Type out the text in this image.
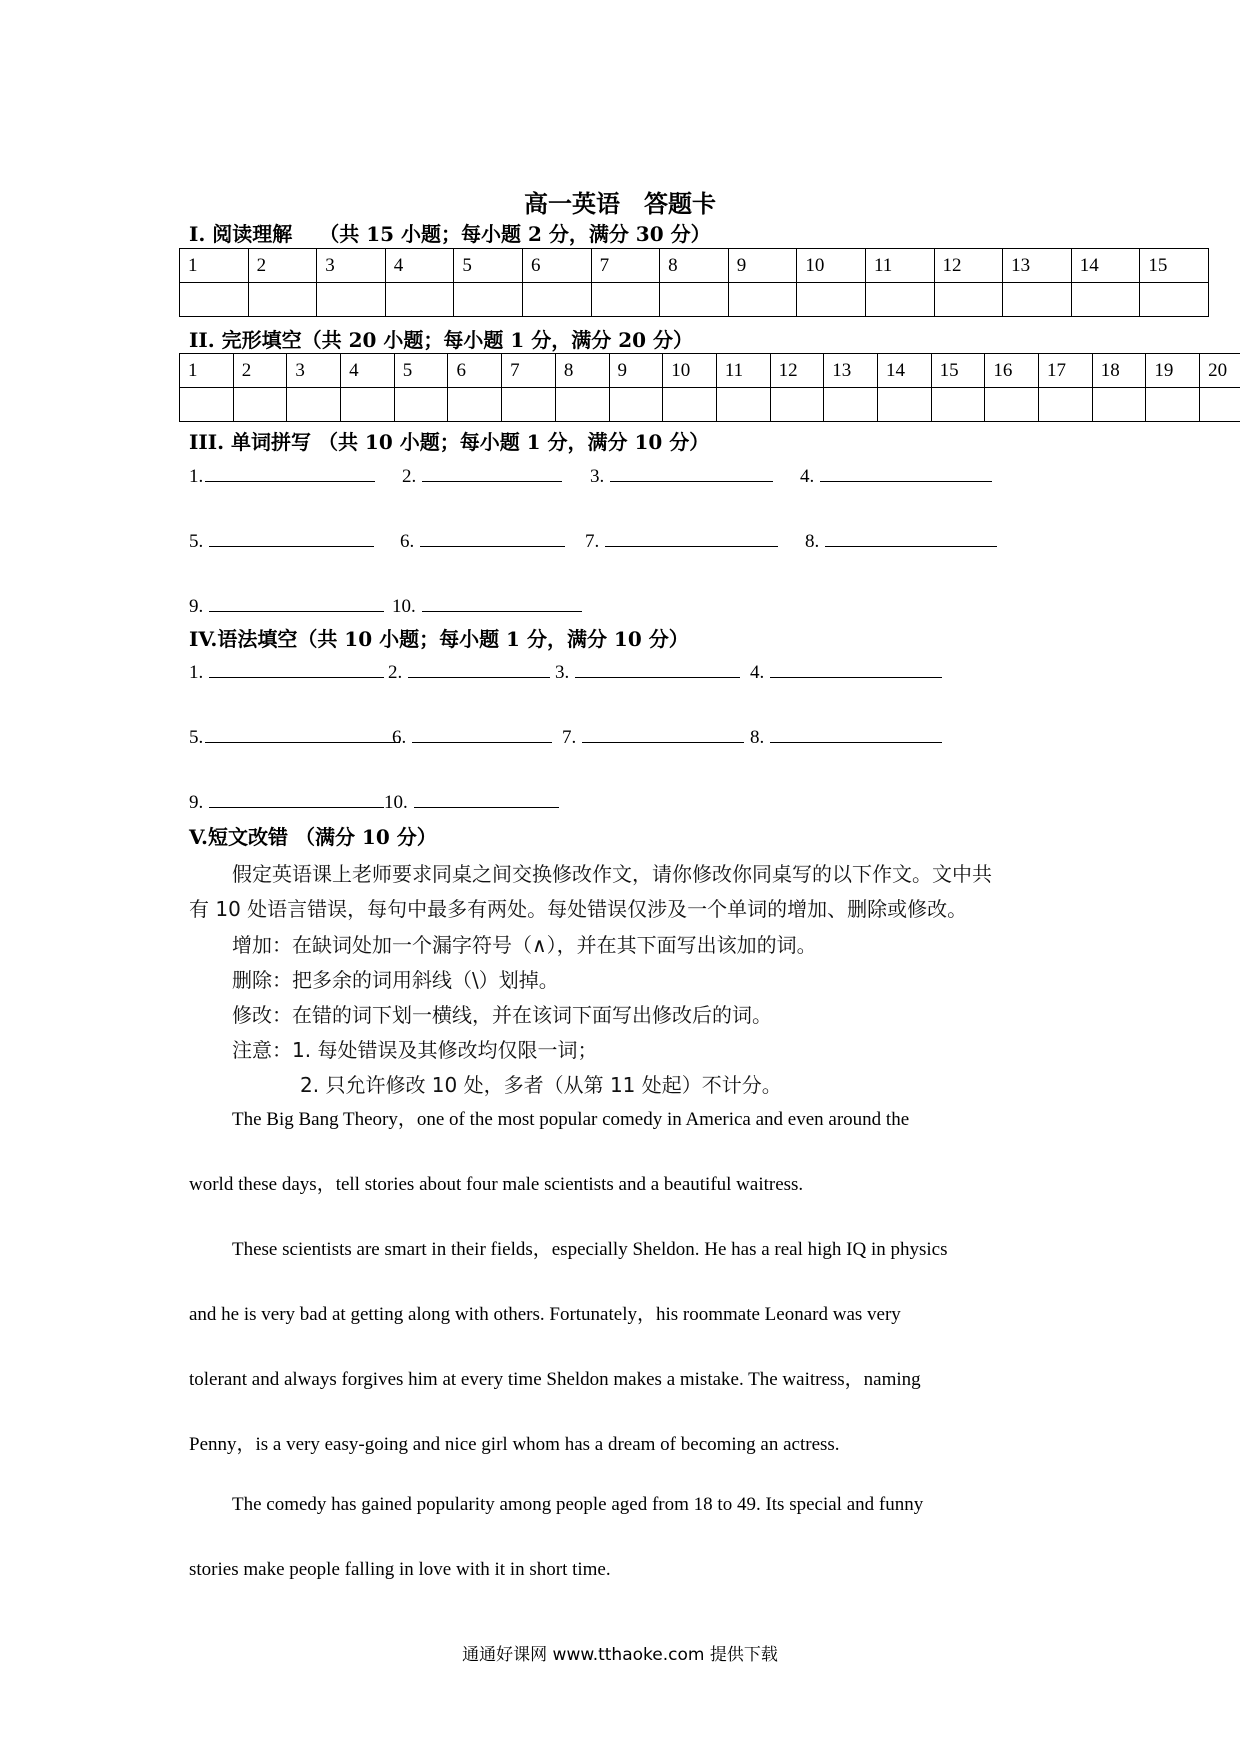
高一英语　答题卡
I. 阅读理解　 （共 15 小题；每小题 2 分，满分 30 分）
1	2	3	4	5	6	7	8	9	10	11	12	13	14	15

II. 完形填空（共 20 小题；每小题 1 分，满分 20 分）
1	2	3	4	5	6	7	8	9	10	11	12	13	14	15	16	17	18	19	20

III. 单词拼写 （共 10 小题；每小题 1 分，满分 10 分）
1.	2.	3.	4.
5.	6.	7.	8.
9.	10.
IV.语法填空（共 10 小题；每小题 1 分，满分 10 分）
1.	2.	3.	4.
5.	6.	7.	8.
9.	10.
V.短文改错 （满分 10 分）
假定英语课上老师要求同桌之间交换修改作文，请你修改你同桌写的以下作文。文中共
有 10 处语言错误，每句中最多有两处。每处错误仅涉及一个单词的增加、删除或修改。
增加：在缺词处加一个漏字符号（∧），并在其下面写出该加的词。
删除：把多余的词用斜线（\）划掉。
修改：在错的词下划一横线，并在该词下面写出修改后的词。
注意：1. 每处错误及其修改均仅限一词；
2. 只允许修改 10 处，多者（从第 11 处起）不计分。
The Big Bang Theory，one of the most popular comedy in America and even around the
world these days，tell stories about four male scientists and a beautiful waitress.
These scientists are smart in their fields，especially Sheldon. He has a real high IQ in physics
and he is very bad at getting along with others. Fortunately，his roommate Leonard was very
tolerant and always forgives him at every time Sheldon makes a mistake. The waitress，naming
Penny，is a very easy-going and nice girl whom has a dream of becoming an actress.
The comedy has gained popularity among people aged from 18 to 49. Its special and funny
stories make people falling in love with it in short time.
通通好课网 www.tthaoke.com 提供下载
